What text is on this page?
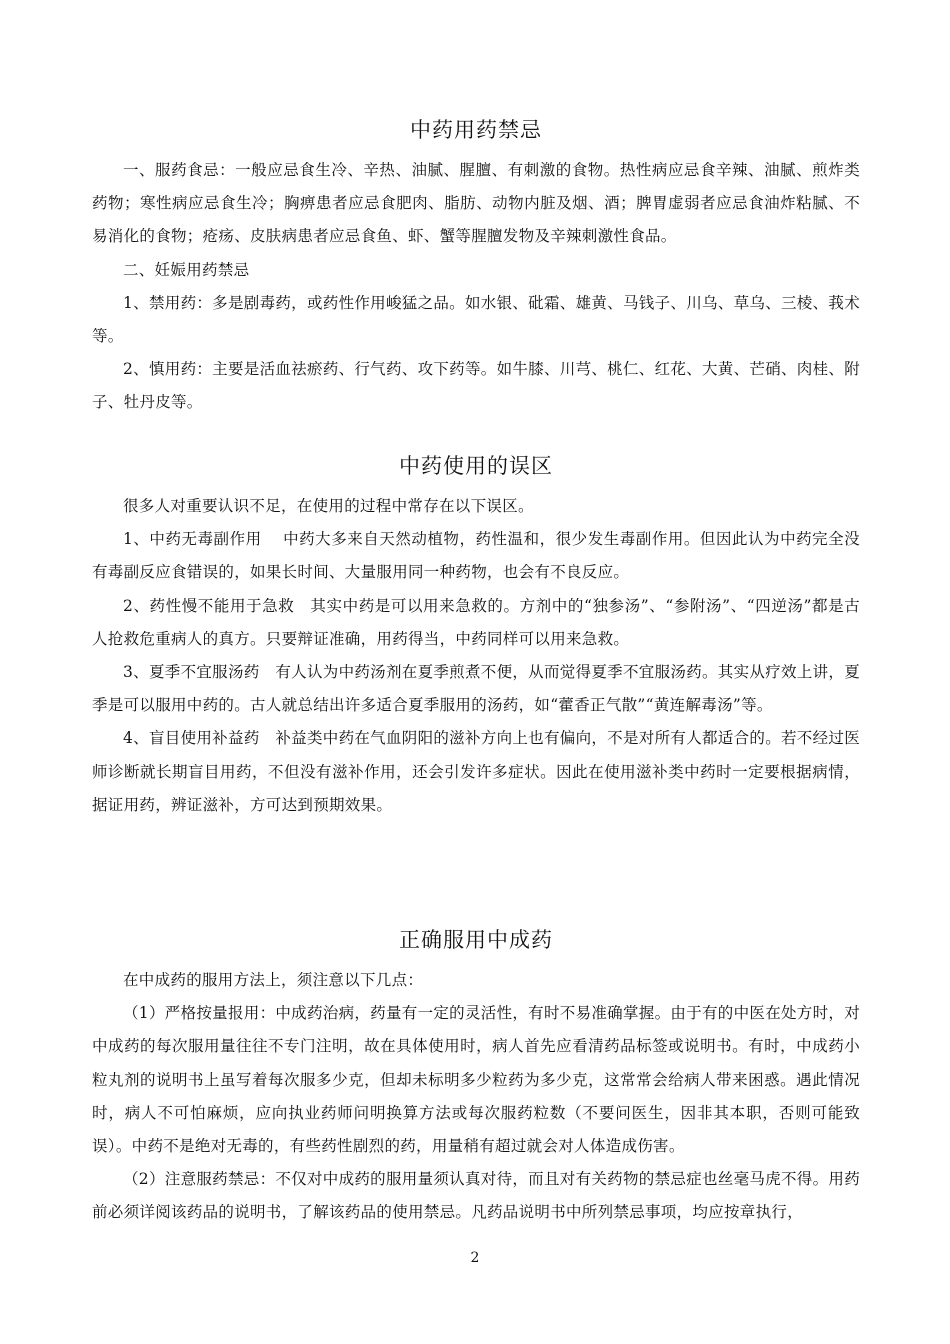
中药用药禁忌

一、服药食忌：一般应忌食生冷、辛热、油腻、腥膻、有刺激的食物。热性病应忌食辛辣、油腻、煎炸类药物；寒性病应忌食生冷；胸痹患者应忌食肥肉、脂肪、动物内脏及烟、酒；脾胃虚弱者应忌食油炸粘腻、不易消化的食物；疮疡、皮肤病患者应忌食鱼、虾、蟹等腥膻发物及辛辣刺激性食品。

二、妊娠用药禁忌

1、禁用药：多是剧毒药，或药性作用峻猛之品。如水银、砒霜、雄黄、马钱子、川乌、草乌、三棱、莪术等。

2、慎用药：主要是活血祛瘀药、行气药、攻下药等。如牛膝、川芎、桃仁、红花、大黄、芒硝、肉桂、附子、牡丹皮等。

中药使用的误区

很多人对重要认识不足，在使用的过程中常存在以下误区。

1、中药无毒副作用　 中药大多来自天然动植物，药性温和，很少发生毒副作用。但因此认为中药完全没有毒副反应食错误的，如果长时间、大量服用同一种药物，也会有不良反应。

2、药性慢不能用于急救　其实中药是可以用来急救的。方剂中的“独参汤”、“参附汤”、“四逆汤”都是古人抢救危重病人的真方。只要辩证准确，用药得当，中药同样可以用来急救。

3、夏季不宜服汤药　有人认为中药汤剂在夏季煎煮不便，从而觉得夏季不宜服汤药。其实从疗效上讲，夏季是可以服用中药的。古人就总结出许多适合夏季服用的汤药，如“藿香正气散”“黄连解毒汤”等。

4、盲目使用补益药　补益类中药在气血阴阳的滋补方向上也有偏向，不是对所有人都适合的。若不经过医师诊断就长期盲目用药，不但没有滋补作用，还会引发许多症状。因此在使用滋补类中药时一定要根据病情，据证用药，辨证滋补，方可达到预期效果。

正确服用中成药

在中成药的服用方法上，须注意以下几点：

（1）严格按量报用：中成药治病，药量有一定的灵活性，有时不易准确掌握。由于有的中医在处方时，对中成药的每次服用量往往不专门注明，故在具体使用时，病人首先应看清药品标签或说明书。有时，中成药小粒丸剂的说明书上虽写着每次服多少克，但却未标明多少粒药为多少克，这常常会给病人带来困惑。遇此情况时，病人不可怕麻烦，应向执业药师问明换算方法或每次服药粒数（不要问医生，因非其本职，否则可能致误）。中药不是绝对无毒的，有些药性剧烈的药，用量稍有超过就会对人体造成伤害。

（2）注意服药禁忌：不仅对中成药的服用量须认真对待，而且对有关药物的禁忌症也丝毫马虎不得。用药前必须详阅该药品的说明书，了解该药品的使用禁忌。凡药品说明书中所列禁忌事项，均应按章执行，

2
